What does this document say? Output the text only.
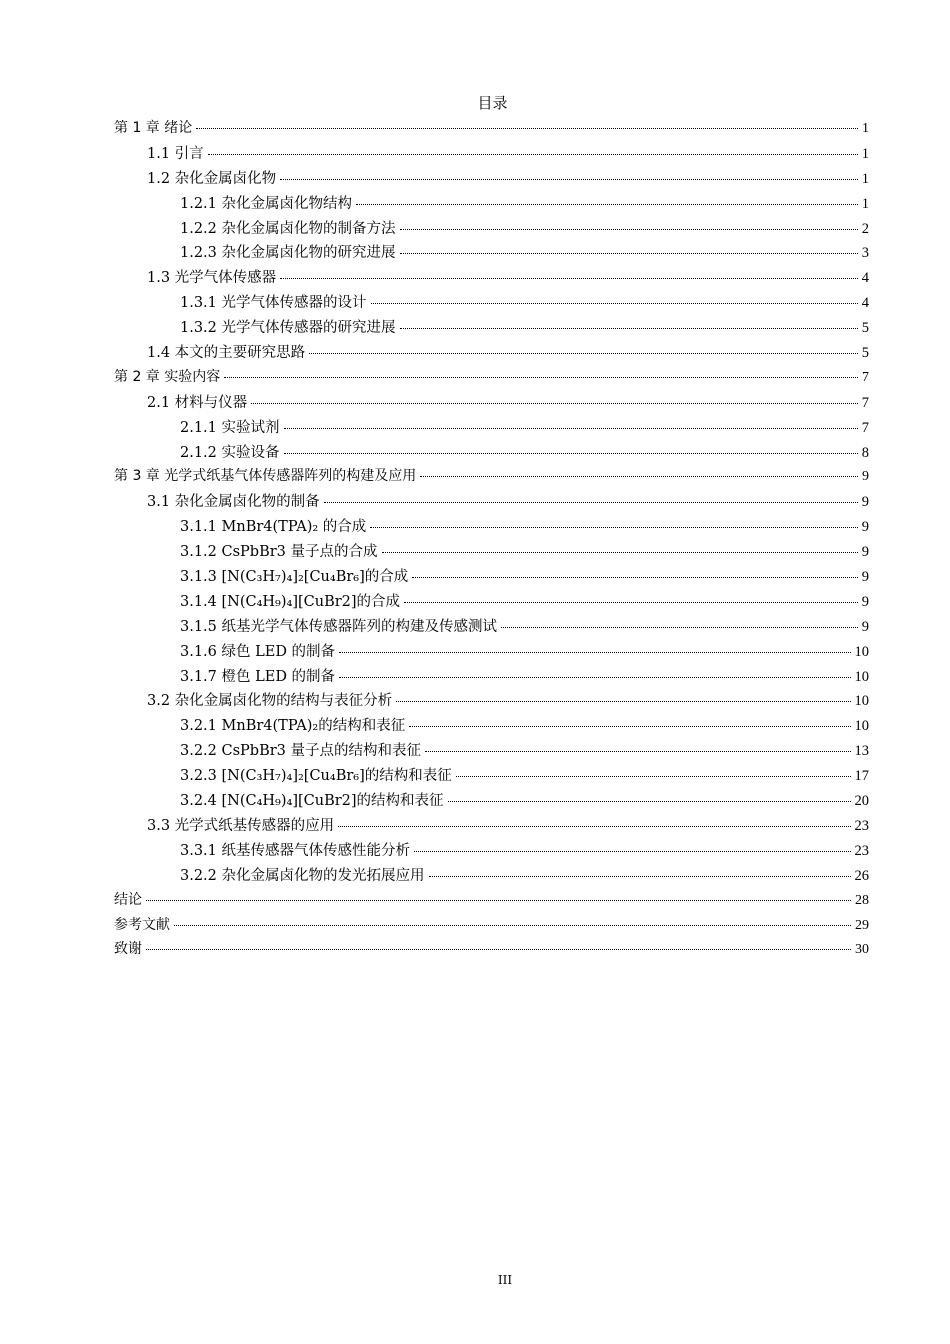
目录
第 1 章 绪论	1
1.1 引言	1
1.2 杂化金属卤化物	1
1.2.1 杂化金属卤化物结构	1
1.2.2 杂化金属卤化物的制备方法	2
1.2.3 杂化金属卤化物的研究进展	3
1.3 光学气体传感器	4
1.3.1 光学气体传感器的设计	4
1.3.2 光学气体传感器的研究进展	5
1.4 本文的主要研究思路	5
第 2 章 实验内容	7
2.1 材料与仪器	7
2.1.1 实验试剂	7
2.1.2 实验设备	8
第 3 章 光学式纸基气体传感器阵列的构建及应用	9
3.1 杂化金属卤化物的制备	9
3.1.1 MnBr4(TPA)₂ 的合成	9
3.1.2 CsPbBr3 量子点的合成	9
3.1.3 [N(C₃H₇)₄]₂[Cu₄Br₆]的合成	9
3.1.4 [N(C₄H₉)₄][CuBr2]的合成	9
3.1.5 纸基光学气体传感器阵列的构建及传感测试	9
3.1.6 绿色 LED 的制备	10
3.1.7 橙色 LED 的制备	10
3.2 杂化金属卤化物的结构与表征分析	10
3.2.1 MnBr4(TPA)₂的结构和表征	10
3.2.2 CsPbBr3 量子点的结构和表征	13
3.2.3 [N(C₃H₇)₄]₂[Cu₄Br₆]的结构和表征	17
3.2.4 [N(C₄H₉)₄][CuBr2]的结构和表征	20
3.3 光学式纸基传感器的应用	23
3.3.1 纸基传感器气体传感性能分析	23
3.2.2 杂化金属卤化物的发光拓展应用	26
结论	28
参考文献	29
致谢	30
III
